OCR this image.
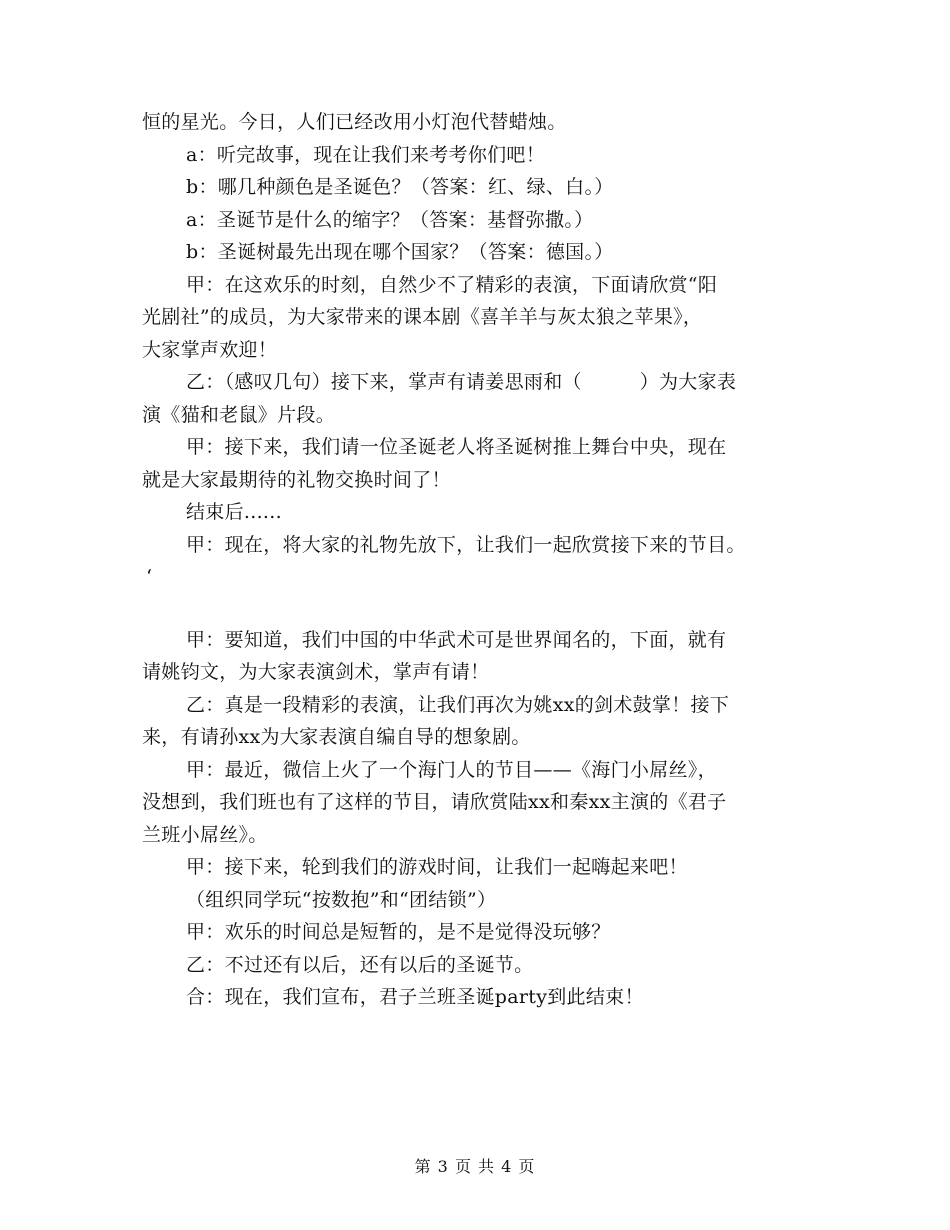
恒的星光。今日，人们已经改用小灯泡代替蜡烛。
a：听完故事，现在让我们来考考你们吧！
b：哪几种颜色是圣诞色？（答案：红、绿、白。）
a：圣诞节是什么的缩字？（答案：基督弥撒。）
b：圣诞树最先出现在哪个国家？（答案：德国。）
甲：在这欢乐的时刻，自然少不了精彩的表演，下面请欣赏“阳
光剧社”的成员，为大家带来的课本剧《喜羊羊与灰太狼之苹果》，
大家掌声欢迎！
乙：（感叹几句）接下来，掌声有请姜思雨和（　　　）为大家表
演《猫和老鼠》片段。
甲：接下来，我们请一位圣诞老人将圣诞树推上舞台中央，现在
就是大家最期待的礼物交换时间了！
结束后......
甲：现在，将大家的礼物先放下，让我们一起欣赏接下来的节目。
‘
甲：要知道，我们中国的中华武术可是世界闻名的，下面，就有
请姚钧文，为大家表演剑术，掌声有请！
乙：真是一段精彩的表演，让我们再次为姚xx的剑术鼓掌！接下
来，有请孙xx为大家表演自编自导的想象剧。
甲：最近，微信上火了一个海门人的节目——《海门小屌丝》，
没想到，我们班也有了这样的节目，请欣赏陆xx和秦xx主演的《君子
兰班小屌丝》。
甲：接下来，轮到我们的游戏时间，让我们一起嗨起来吧！
（组织同学玩“按数抱”和“团结锁”）
甲：欢乐的时间总是短暂的，是不是觉得没玩够？
乙：不过还有以后，还有以后的圣诞节。
合：现在，我们宣布，君子兰班圣诞party到此结束！
第 3 页 共 4 页
